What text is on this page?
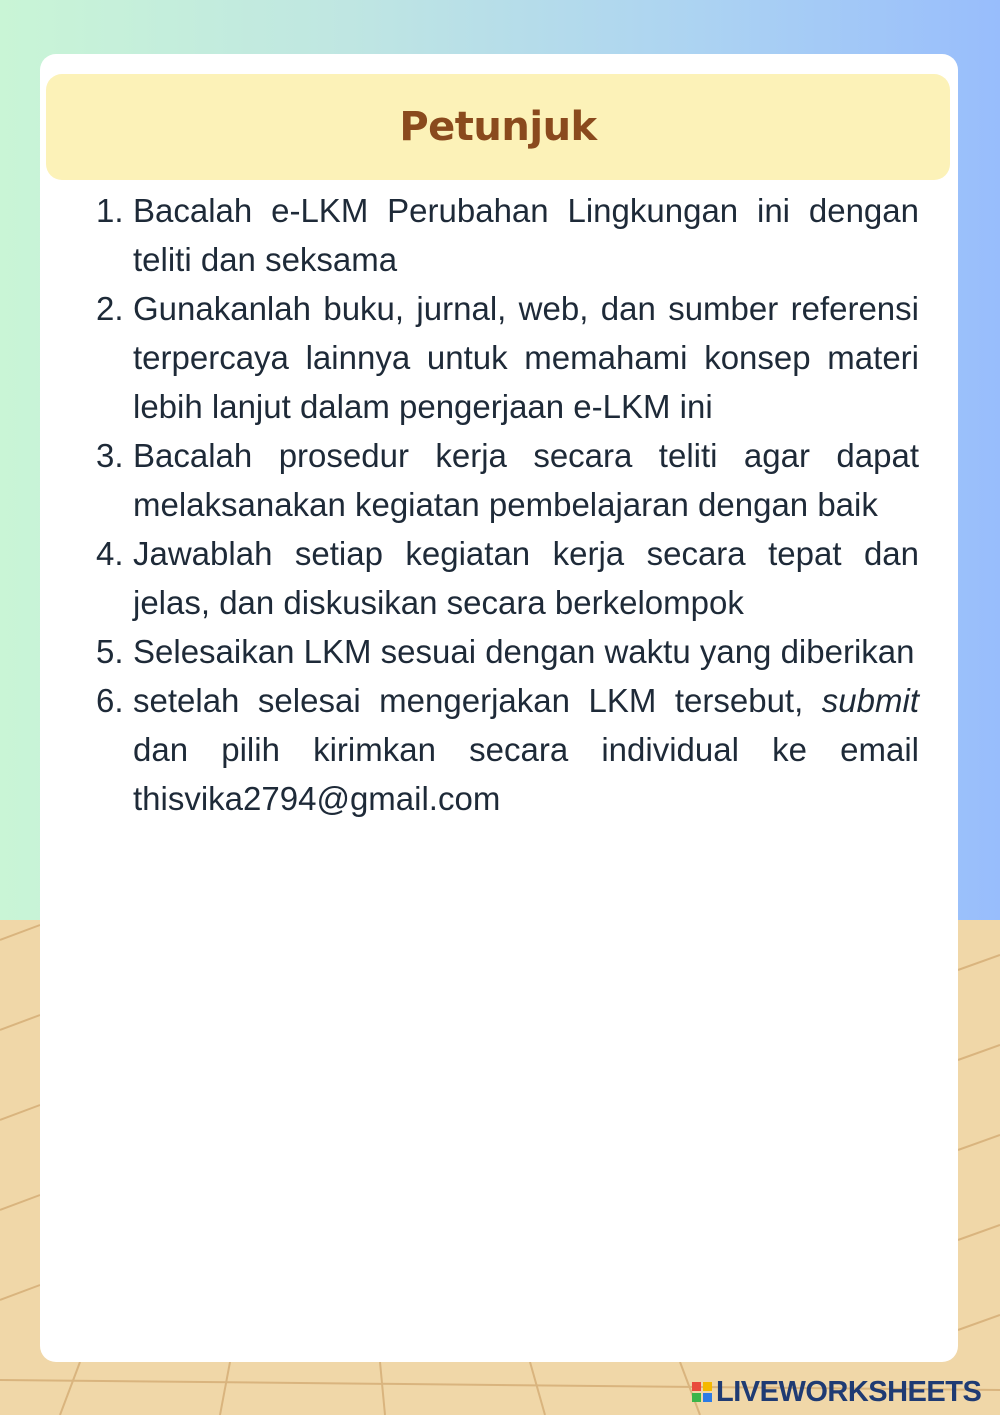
Petunjuk
1. Bacalah e-LKM Perubahan Lingkungan ini dengan teliti dan seksama
2. Gunakanlah buku, jurnal, web, dan sumber referensi terpercaya lainnya untuk memahami konsep materi lebih lanjut dalam pengerjaan e-LKM ini
3. Bacalah prosedur kerja secara teliti agar dapat melaksanakan kegiatan pembelajaran dengan baik
4. Jawablah setiap kegiatan kerja secara tepat dan jelas, dan diskusikan secara berkelompok
5. Selesaikan LKM sesuai dengan waktu yang diberikan
6. setelah selesai mengerjakan LKM tersebut, submit dan pilih kirimkan secara individual ke email thisvika2794@gmail.com
LIVEWORKSHEETS
